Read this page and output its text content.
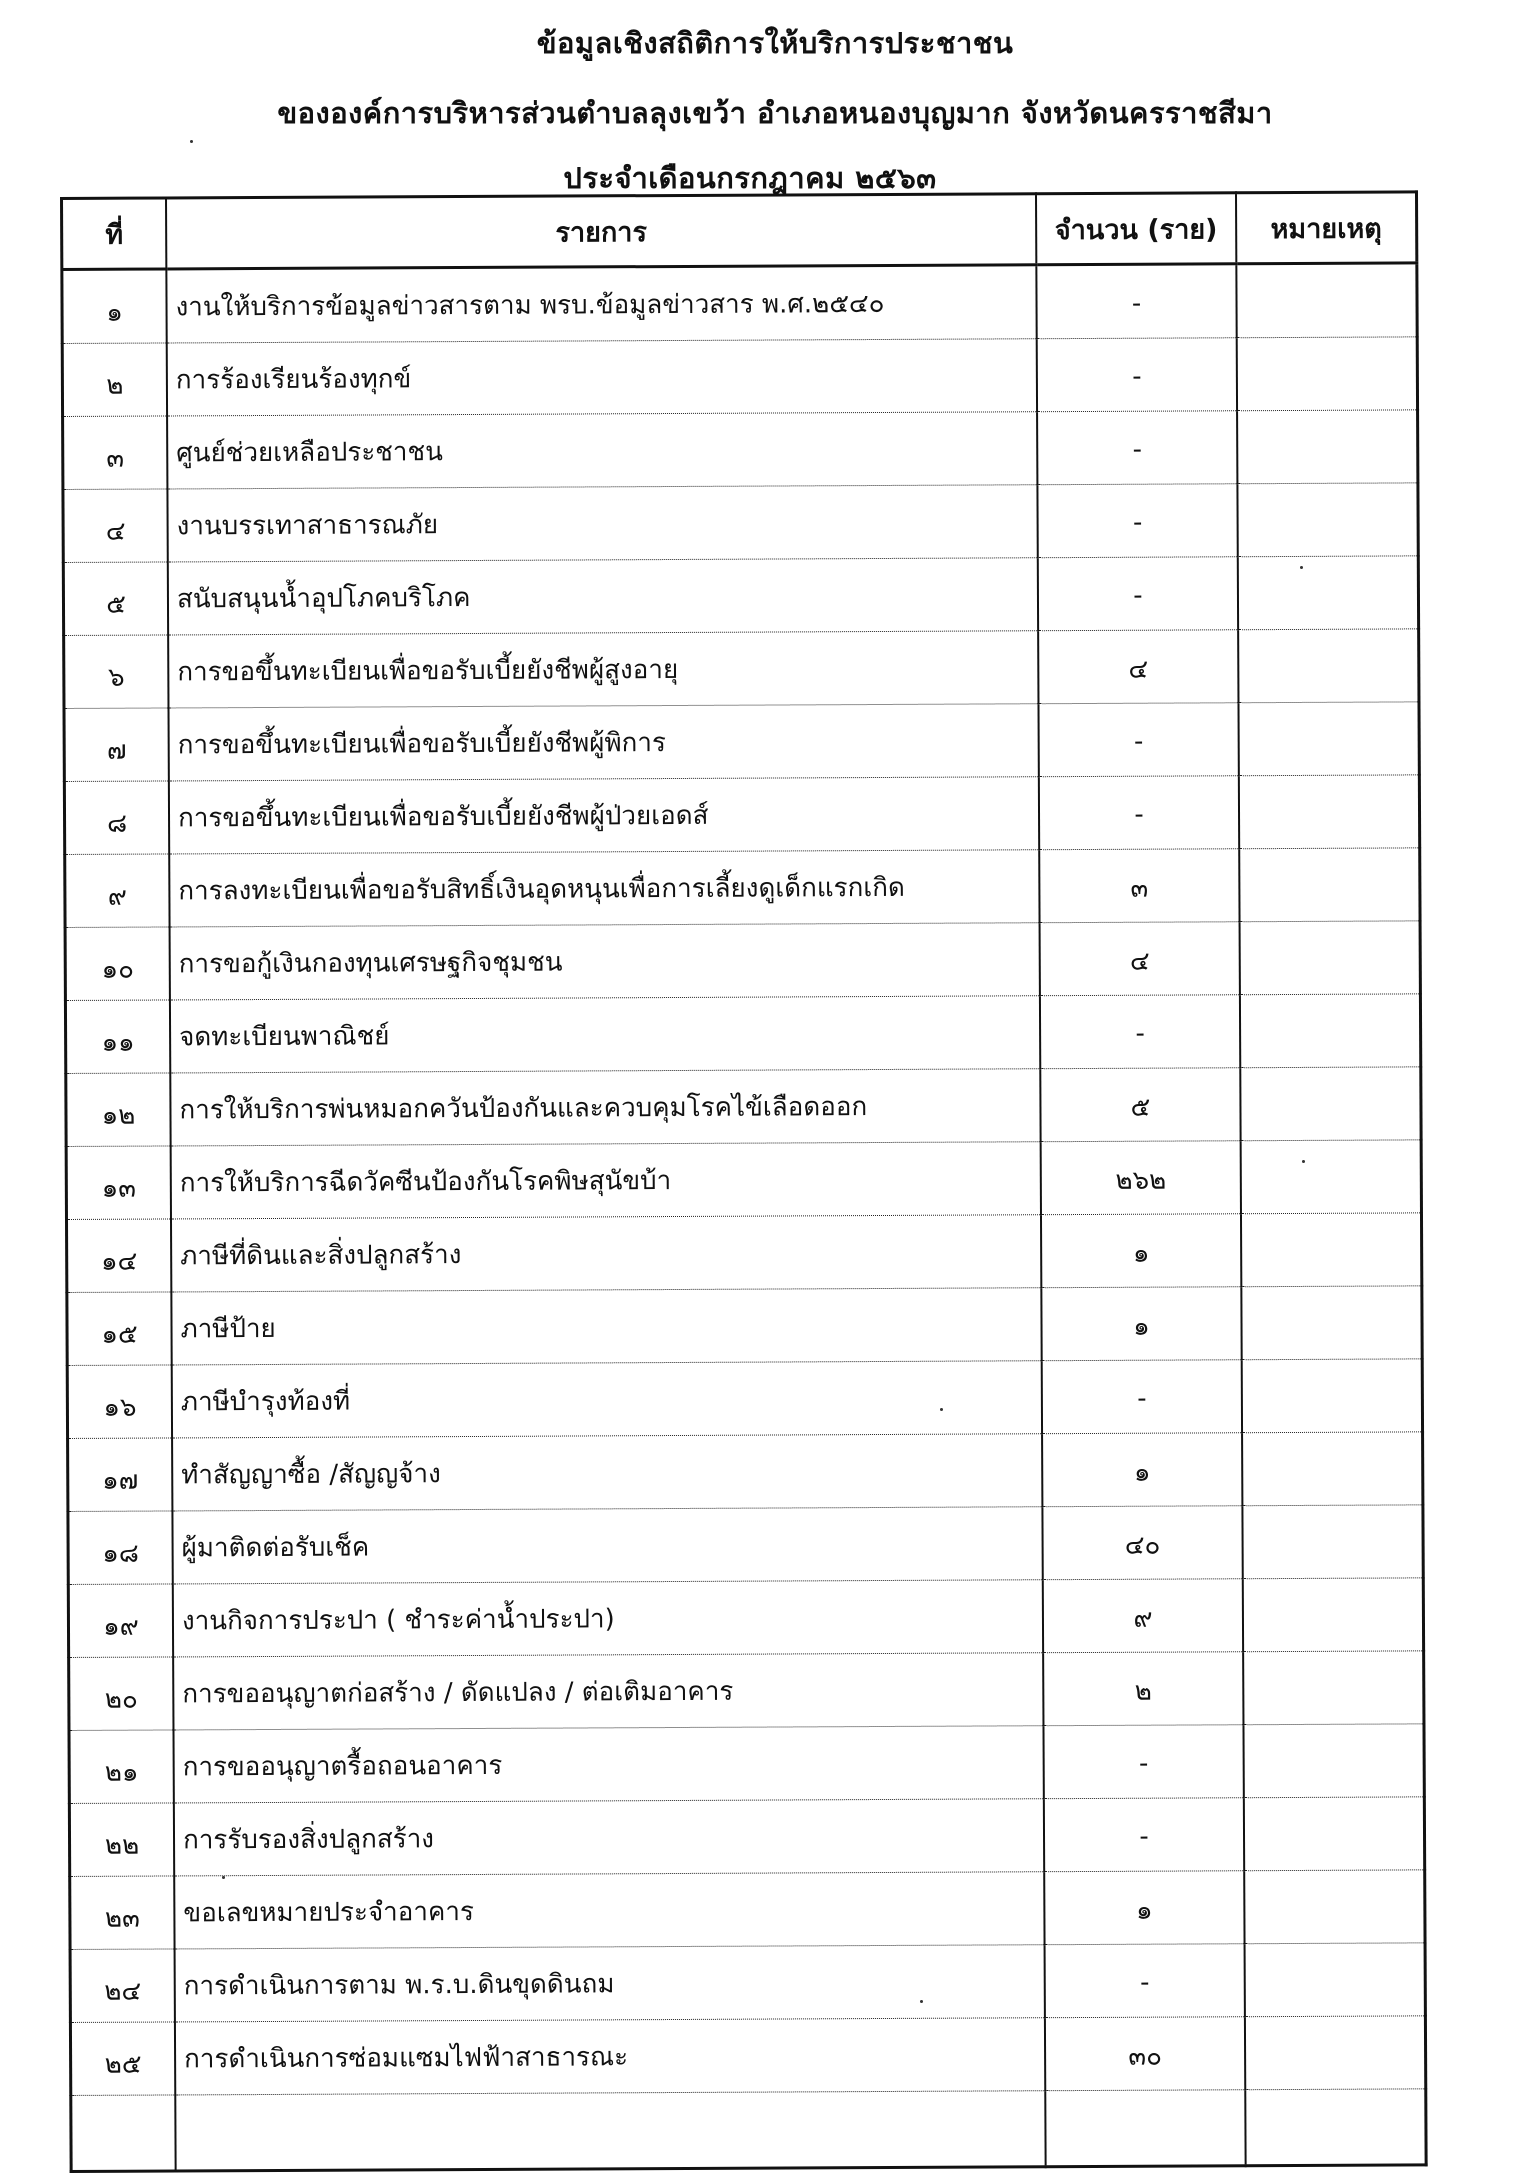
ข้อมูลเชิงสถิติการให้บริการประชาชน
ขององค์การบริหารส่วนตำบลลุงเขว้า อำเภอหนองบุญมาก จังหวัดนครราชสีมา
ประจำเดือนกรกฎาคม ๒๕๖๓
ที่	รายการ	จำนวน (ราย)	หมายเหตุ
๑	งานให้บริการข้อมูลข่าวสารตาม พรบ.ข้อมูลข่าวสาร พ.ศ.๒๕๔๐	-	
๒	การร้องเรียนร้องทุกข์	-	
๓	ศูนย์ช่วยเหลือประชาชน	-	
๔	งานบรรเทาสาธารณภัย	-	
๕	สนับสนุนน้ำอุปโภคบริโภค	-	
๖	การขอขึ้นทะเบียนเพื่อขอรับเบี้ยยังชีพผู้สูงอายุ	๔	
๗	การขอขึ้นทะเบียนเพื่อขอรับเบี้ยยังชีพผู้พิการ	-	
๘	การขอขึ้นทะเบียนเพื่อขอรับเบี้ยยังชีพผู้ป่วยเอดส์	-	
๙	การลงทะเบียนเพื่อขอรับสิทธิ์เงินอุดหนุนเพื่อการเลี้ยงดูเด็กแรกเกิด	๓	
๑๐	การขอกู้เงินกองทุนเศรษฐกิจชุมชน	๔	
๑๑	จดทะเบียนพาณิชย์	-	
๑๒	การให้บริการพ่นหมอกควันป้องกันและควบคุมโรคไข้เลือดออก	๕	
๑๓	การให้บริการฉีดวัคซีนป้องกันโรคพิษสุนัขบ้า	๒๖๒	
๑๔	ภาษีที่ดินและสิ่งปลูกสร้าง	๑	
๑๕	ภาษีป้าย	๑	
๑๖	ภาษีบำรุงท้องที่	-	
๑๗	ทำสัญญาซื้อ /สัญญจ้าง	๑	
๑๘	ผู้มาติดต่อรับเช็ค	๔๐	
๑๙	งานกิจการประปา ( ชำระค่าน้ำประปา)	๙	
๒๐	การขออนุญาตก่อสร้าง / ดัดแปลง / ต่อเติมอาคาร	๒	
๒๑	การขออนุญาตรื้อถอนอาคาร	-	
๒๒	การรับรองสิ่งปลูกสร้าง	-	
๒๓	ขอเลขหมายประจำอาคาร	๑	
๒๔	การดำเนินการตาม พ.ร.บ.ดินขุดดินถม	-	
๒๕	การดำเนินการซ่อมแซมไฟฟ้าสาธารณะ	๓๐	
